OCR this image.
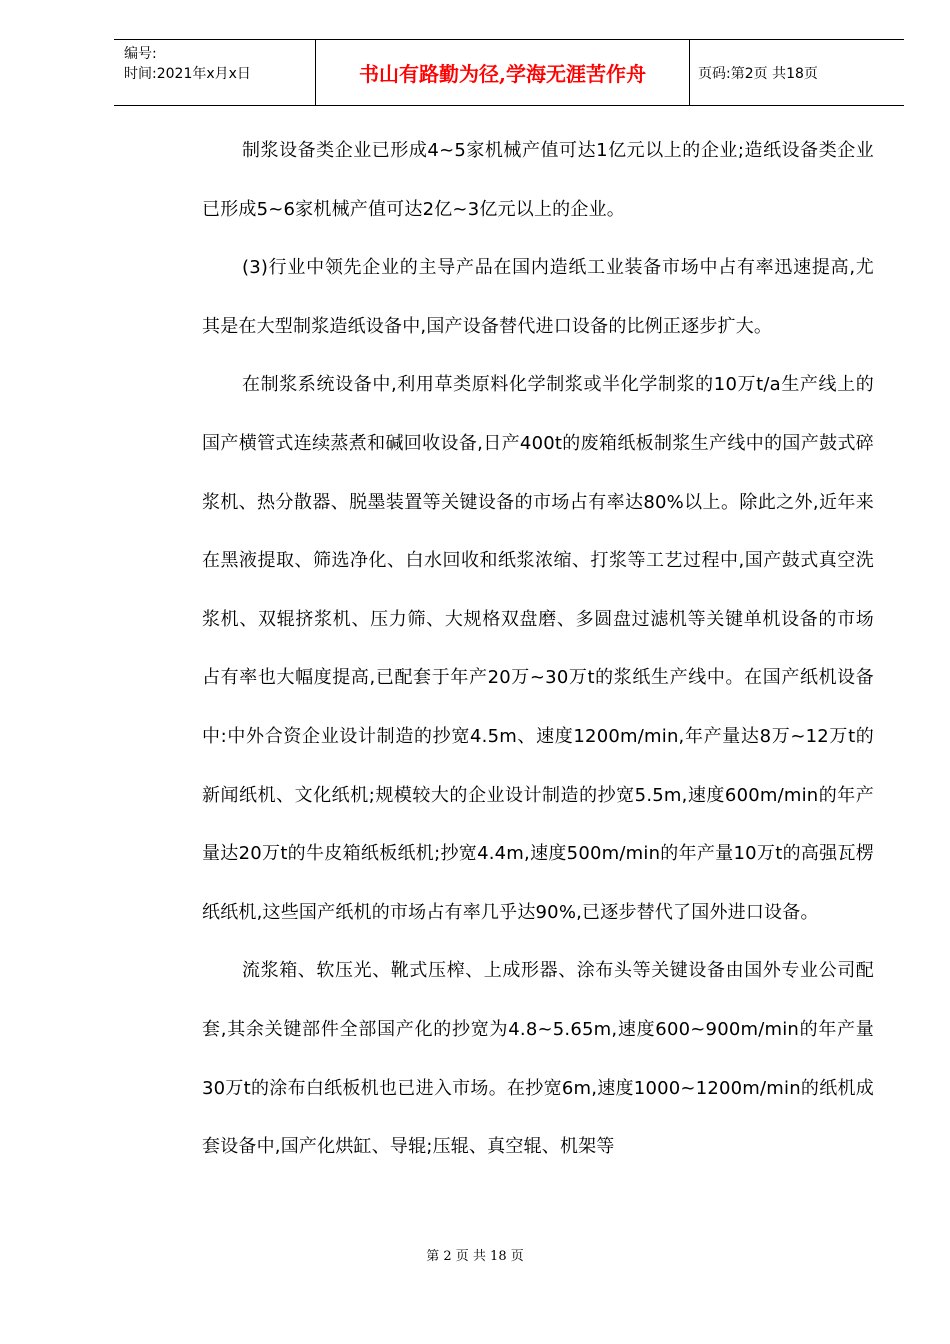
编号:
时间:2021年x月x日	书山有路勤为径,学海无涯苦作舟	页码:第2页 共18页

制浆设备类企业已形成4~5家机械产值可达1亿元以上的企业;造纸设备类企业已形成5~6家机械产值可达2亿~3亿元以上的企业。

(3)行业中领先企业的主导产品在国内造纸工业装备市场中占有率迅速提高,尤其是在大型制浆造纸设备中,国产设备替代进口设备的比例正逐步扩大。

在制浆系统设备中,利用草类原料化学制浆或半化学制浆的10万t/a生产线上的国产横管式连续蒸煮和碱回收设备,日产400t的废箱纸板制浆生产线中的国产鼓式碎浆机、热分散器、脱墨装置等关键设备的市场占有率达80%以上。除此之外,近年来在黑液提取、筛选净化、白水回收和纸浆浓缩、打浆等工艺过程中,国产鼓式真空洗浆机、双辊挤浆机、压力筛、大规格双盘磨、多圆盘过滤机等关键单机设备的市场占有率也大幅度提高,已配套于年产20万~30万t的浆纸生产线中。在国产纸机设备中:中外合资企业设计制造的抄宽4.5m、速度1200m/min,年产量达8万~12万t的新闻纸机、文化纸机;规模较大的企业设计制造的抄宽5.5m,速度600m/min的年产量达20万t的牛皮箱纸板纸机;抄宽4.4m,速度500m/min的年产量10万t的高强瓦楞纸纸机,这些国产纸机的市场占有率几乎达90%,已逐步替代了国外进口设备。

流浆箱、软压光、靴式压榨、上成形器、涂布头等关键设备由国外专业公司配套,其余关键部件全部国产化的抄宽为4.8~5.65m,速度600~900m/min的年产量30万t的涂布白纸板机也已进入市场。在抄宽6m,速度1000~1200m/min的纸机成套设备中,国产化烘缸、导辊;压辊、真空辊、机架等

第 2 页 共 18 页
